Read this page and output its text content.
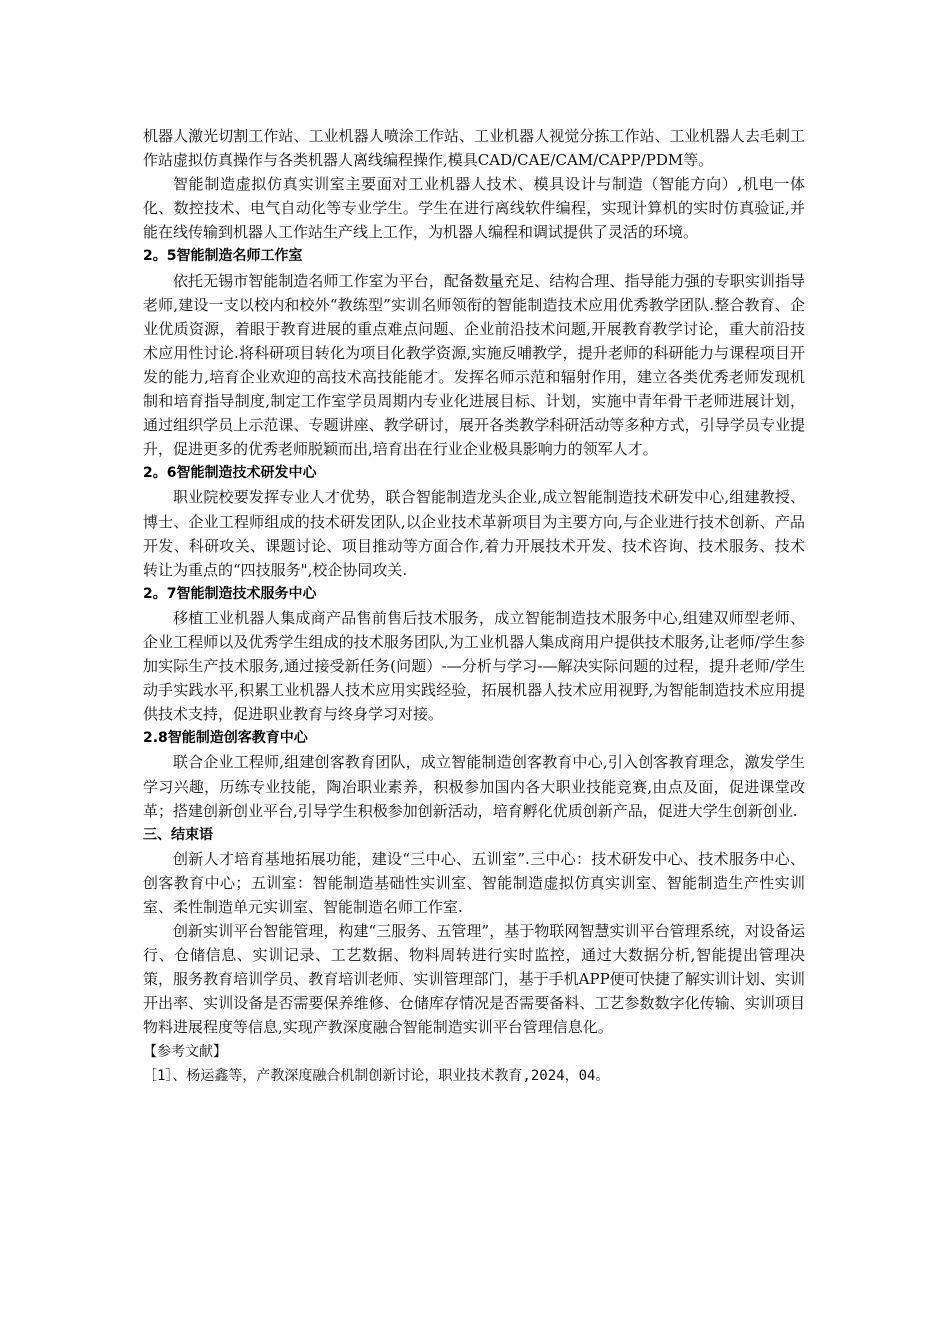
机器人激光切割工作站、工业机器人喷涂工作站、工业机器人视觉分拣工作站、工业机器人去毛刺工作站虚拟仿真操作与各类机器人离线编程操作,模具CAD/CAE/CAM/CAPP/PDM等。

智能制造虚拟仿真实训室主要面对工业机器人技术、模具设计与制造（智能方向）,机电一体化、数控技术、电气自动化等专业学生。学生在进行离线软件编程，实现计算机的实时仿真验证,并能在线传输到机器人工作站生产线上工作，为机器人编程和调试提供了灵活的环境。

2。5智能制造名师工作室

依托无锡市智能制造名师工作室为平台，配备数量充足、结构合理、指导能力强的专职实训指导老师,建设一支以校内和校外“教练型”实训名师领衔的智能制造技术应用优秀教学团队.整合教育、企业优质资源，着眼于教育进展的重点难点问题、企业前沿技术问题,开展教育教学讨论，重大前沿技术应用性讨论.将科研项目转化为项目化教学资源,实施反哺教学，提升老师的科研能力与课程项目开发的能力,培育企业欢迎的高技术高技能能才。发挥名师示范和辐射作用，建立各类优秀老师发现机制和培育指导制度,制定工作室学员周期内专业化进展目标、计划，实施中青年骨干老师进展计划，通过组织学员上示范课、专题讲座、教学研讨，展开各类教学科研活动等多种方式，引导学员专业提升，促进更多的优秀老师脱颖而出,培育出在行业企业极具影响力的领军人才。

2。6智能制造技术研发中心

职业院校要发挥专业人才优势，联合智能制造龙头企业,成立智能制造技术研发中心,组建教授、博士、企业工程师组成的技术研发团队,以企业技术革新项目为主要方向,与企业进行技术创新、产品开发、科研攻关、课题讨论、项目推动等方面合作,着力开展技术开发、技术咨询、技术服务、技术转让为重点的“四技服务",校企协同攻关.

2。7智能制造技术服务中心

移植工业机器人集成商产品售前售后技术服务，成立智能制造技术服务中心,组建双师型老师、企业工程师以及优秀学生组成的技术服务团队,为工业机器人集成商用户提供技术服务,让老师/学生参加实际生产技术服务,通过接受新任务(问题）-—分析与学习-—解决实际问题的过程，提升老师/学生动手实践水平,积累工业机器人技术应用实践经验，拓展机器人技术应用视野,为智能制造技术应用提供技术支持，促进职业教育与终身学习对接。

2.8智能制造创客教育中心

联合企业工程师,组建创客教育团队，成立智能制造创客教育中心,引入创客教育理念，激发学生学习兴趣，历练专业技能，陶冶职业素养，积极参加国内各大职业技能竞赛,由点及面，促进课堂改革；搭建创新创业平台,引导学生积极参加创新活动，培育孵化优质创新产品，促进大学生创新创业.

三、结束语

创新人才培育基地拓展功能，建设“三中心、五训室”.三中心：技术研发中心、技术服务中心、创客教育中心；五训室：智能制造基础性实训室、智能制造虚拟仿真实训室、智能制造生产性实训室、柔性制造单元实训室、智能制造名师工作室.

创新实训平台智能管理，构建“三服务、五管理”，基于物联网智慧实训平台管理系统，对设备运行、仓储信息、实训记录、工艺数据、物料周转进行实时监控，通过大数据分析,智能提出管理决策，服务教育培训学员、教育培训老师、实训管理部门，基于手机APP便可快捷了解实训计划、实训开出率、实训设备是否需要保养维修、仓储库存情况是否需要备料、工艺参数数字化传输、实训项目物料进展程度等信息,实现产教深度融合智能制造实训平台管理信息化。

【参考文献】

［1］、杨运鑫等，产教深度融合机制创新讨论，职业技术教育,2024，04。
